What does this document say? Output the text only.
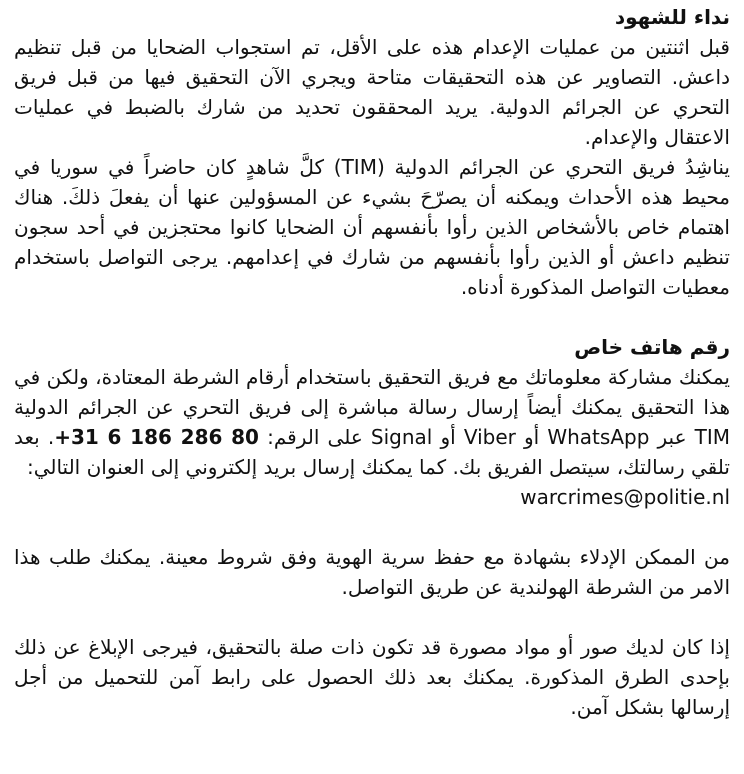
نداء للشهود

قبل اثنتين من عمليات الإعدام هذه على الأقل، تم استجواب الضحايا من قبل تنظيم داعش. التصاوير عن هذه التحقيقات متاحة ويجري الآن التحقيق فيها من قبل فريق التحري عن الجرائم الدولية. يريد المحققون تحديد من شارك بالضبط في عمليات الاعتقال والإعدام.

يناشِدُ فريق التحري عن الجرائم الدولية (TIM) كلَّ شاهدٍ كان حاضراً في سوريا في محيط هذه الأحداث ويمكنه أن يصرّحَ بشيء عن المسؤولين عنها أن يفعلَ ذلكَ. هناك اهتمام خاص بالأشخاص الذين رأوا بأنفسهم أن الضحايا كانوا محتجزين في أحد سجون تنظيم داعش أو الذين رأوا بأنفسهم من شارك في إعدامهم. يرجى التواصل باستخدام معطيات التواصل المذكورة أدناه.

رقم هاتف خاص

يمكنك مشاركة معلوماتك مع فريق التحقيق باستخدام أرقام الشرطة المعتادة، ولكن في هذا التحقيق يمكنك أيضاً إرسال رسالة مباشرة إلى فريق التحري عن الجرائم الدولية TIM عبر WhatsApp أو Viber أو Signal على الرقم: +31 6 186 286 80. بعد تلقي رسالتك، سيتصل الفريق بك. كما يمكنك إرسال بريد إلكتروني إلى العنوان التالي:

warcrimes@politie.nl

من الممكن الإدلاء بشهادة مع حفظ سرية الهوية وفق شروط معينة. يمكنك طلب هذا الامر من الشرطة الهولندية عن طريق التواصل.

إذا كان لديك صور أو مواد مصورة قد تكون ذات صلة بالتحقيق، فيرجى الإبلاغ عن ذلك بإحدى الطرق المذكورة. يمكنك بعد ذلك الحصول على رابط آمن للتحميل من أجل إرسالها بشكل آمن.
